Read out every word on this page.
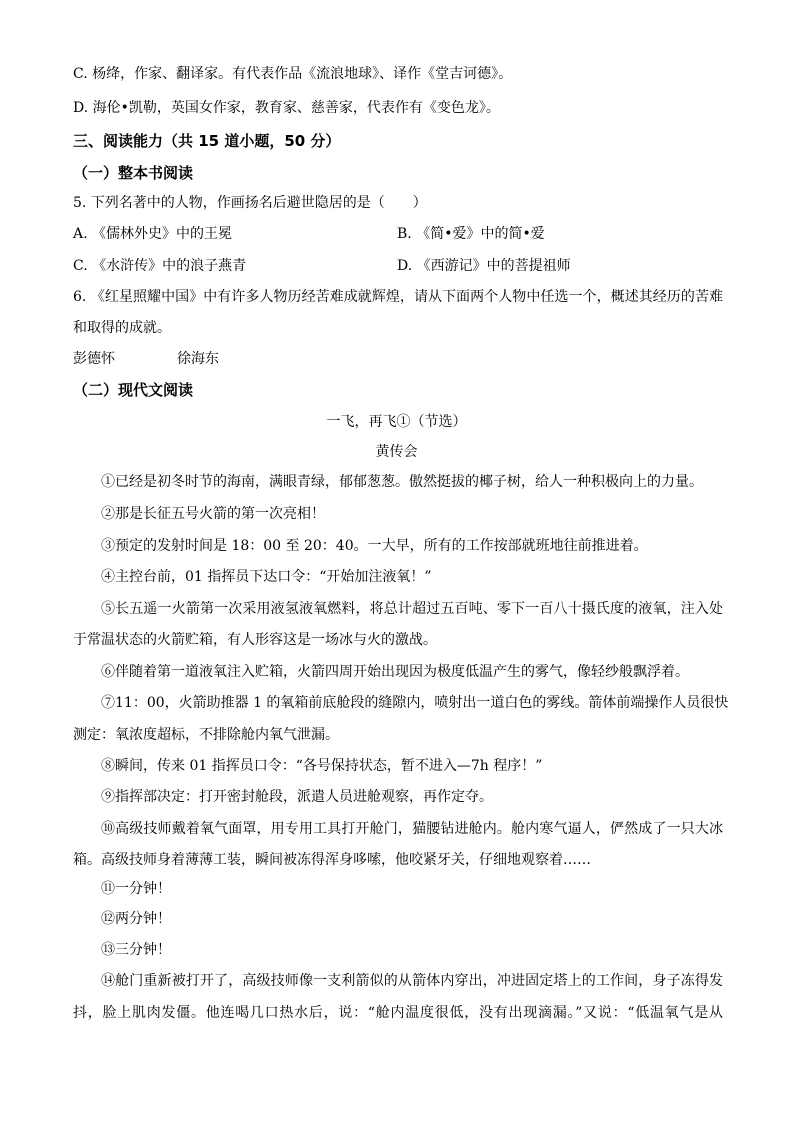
C. 杨绛，作家、翻译家。有代表作品《流浪地球》、译作《堂吉诃德》。
D. 海伦•凯勒，英国女作家，教育家、慈善家，代表作有《变色龙》。
三、阅读能力（共 15 道小题，50 分）
（一）整本书阅读
5. 下列名著中的人物，作画扬名后避世隐居的是（　　）
A. 《儒林外史》中的王冕	B. 《简•爱》中的简•爱
C. 《水浒传》中的浪子燕青	D. 《西游记》中的菩提祖师
6. 《红星照耀中国》中有许多人物历经苦难成就辉煌，请从下面两个人物中任选一个，概述其经历的苦难
和取得的成就。
彭德怀	徐海东
（二）现代文阅读
一飞，再飞①（节选）
黄传会
①已经是初冬时节的海南，满眼青绿，郁郁葱葱。傲然挺拔的椰子树，给人一种积极向上的力量。
②那是长征五号火箭的第一次亮相！
③预定的发射时间是 18：00 至 20：40。一大早，所有的工作按部就班地往前推进着。
④主控台前，01 指挥员下达口令：“开始加注液氧！”
⑤长五遥一火箭第一次采用液氢液氧燃料，将总计超过五百吨、零下一百八十摄氏度的液氧，注入处
于常温状态的火箭贮箱，有人形容这是一场冰与火的激战。
⑥伴随着第一道液氧注入贮箱，火箭四周开始出现因为极度低温产生的雾气，像轻纱般飘浮着。
⑦11：00，火箭助推器 1 的氧箱前底舱段的缝隙内，喷射出一道白色的雾线。箭体前端操作人员很快
测定：氧浓度超标，不排除舱内氧气泄漏。
⑧瞬间，传来 01 指挥员口令：“各号保持状态，暂不进入—7h 程序！”
⑨指挥部决定：打开密封舱段，派遣人员进舱观察，再作定夺。
⑩高级技师戴着氧气面罩，用专用工具打开舱门，猫腰钻进舱内。舱内寒气逼人，俨然成了一只大冰
箱。高级技师身着薄薄工装，瞬间被冻得浑身哆嗦，他咬紧牙关，仔细地观察着……
⑪一分钟！
⑫两分钟！
⑬三分钟！
⑭舱门重新被打开了，高级技师像一支利箭似的从箭体内穿出，冲进固定塔上的工作间，身子冻得发
抖，脸上肌肉发僵。他连喝几口热水后，说：“舱内温度很低，没有出现滴漏。”又说：“低温氧气是从
